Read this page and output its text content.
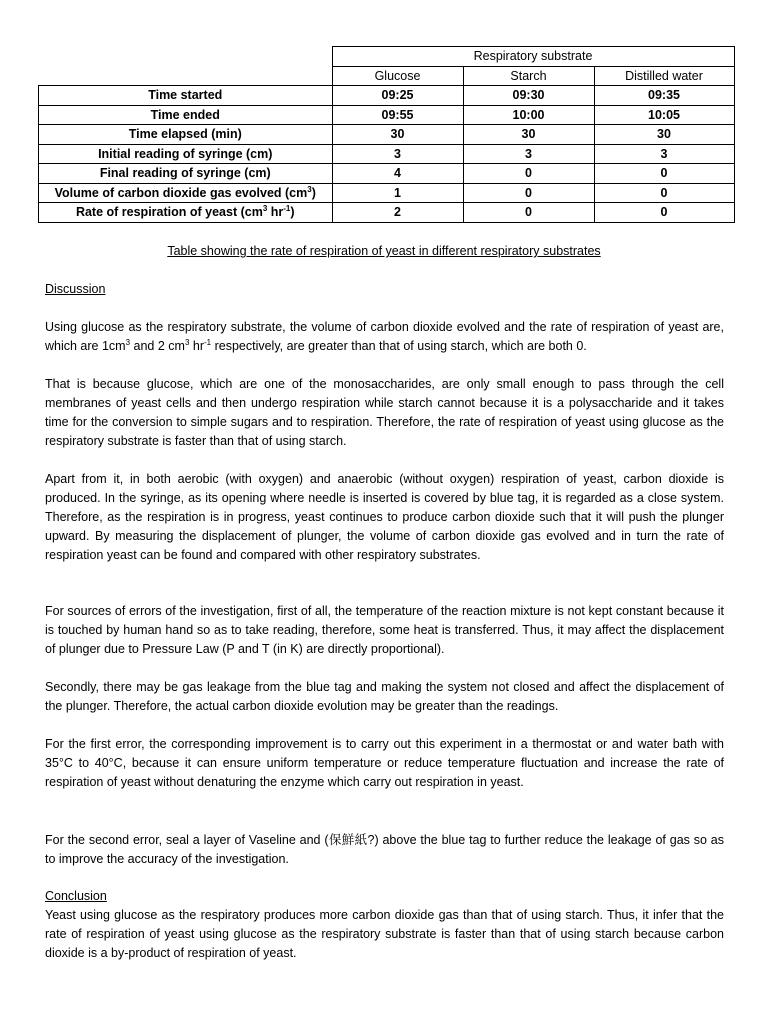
	Respiratory substrate		
	Glucose	Starch	Distilled water
Time started	09:25	09:30	09:35
Time ended	09:55	10:00	10:05
Time elapsed (min)	30	30	30
Initial reading of syringe (cm)	3	3	3
Final reading of syringe (cm)	4	0	0
Volume of carbon dioxide gas evolved $(cm^3)$	1	0	0
Rate of respiration of yeast ($cm^3$ $hr^{-1}$)	2	0	0
Table showing the rate of respiration of yeast in different respiratory substrates
Discussion
Using glucose as the respiratory substrate, the volume of carbon dioxide evolved and the rate of respiration of yeast are, which are $1cm^3$ and 2 $cm^3$ $hr^{-1}$ respectively, are greater than that of using starch, which are both 0.
That is because glucose, which are one of the monosaccharides, are only small enough to pass through the cell membranes of yeast cells and then undergo respiration while starch cannot because it is a polysaccharide and it takes time for the conversion to simple sugars and to respiration. Therefore, the rate of respiration of yeast using glucose as the respiratory substrate is faster than that of using starch.
Apart from it, in both aerobic (with oxygen) and anaerobic (without oxygen) respiration of yeast, carbon dioxide is produced. In the syringe, as its opening where needle is inserted is covered by blue tag, it is regarded as a close system. Therefore, as the respiration is in progress, yeast continues to produce carbon dioxide such that it will push the plunger upward. By measuring the displacement of plunger, the volume of carbon dioxide gas evolved and in turn the rate of respiration yeast can be found and compared with other respiratory substrates.
For sources of errors of the investigation, first of all, the temperature of the reaction mixture is not kept constant because it is touched by human hand so as to take reading, therefore, some heat is transferred. Thus, it may affect the displacement of plunger due to Pressure Law (P and T (in K) are directly proportional).
Secondly, there may be gas leakage from the blue tag and making the system not closed and affect the displacement of the plunger. Therefore, the actual carbon dioxide evolution may be greater than the readings.
For the first error, the corresponding improvement is to carry out this experiment in a thermostat or and water bath with 35°C to 40°C, because it can ensure uniform temperature or reduce temperature fluctuation and increase the rate of respiration of yeast without denaturing the enzyme which carry out respiration in yeast.
For the second error, seal a layer of Vaseline and (保鮮紙?) above the blue tag to further reduce the leakage of gas so as to improve the accuracy of the investigation.
Conclusion
Yeast using glucose as the respiratory produces more carbon dioxide gas than that of using starch. Thus, it infer that the rate of respiration of yeast using glucose as the respiratory substrate is faster than that of using starch because carbon dioxide is a by-product of respiration of yeast.
